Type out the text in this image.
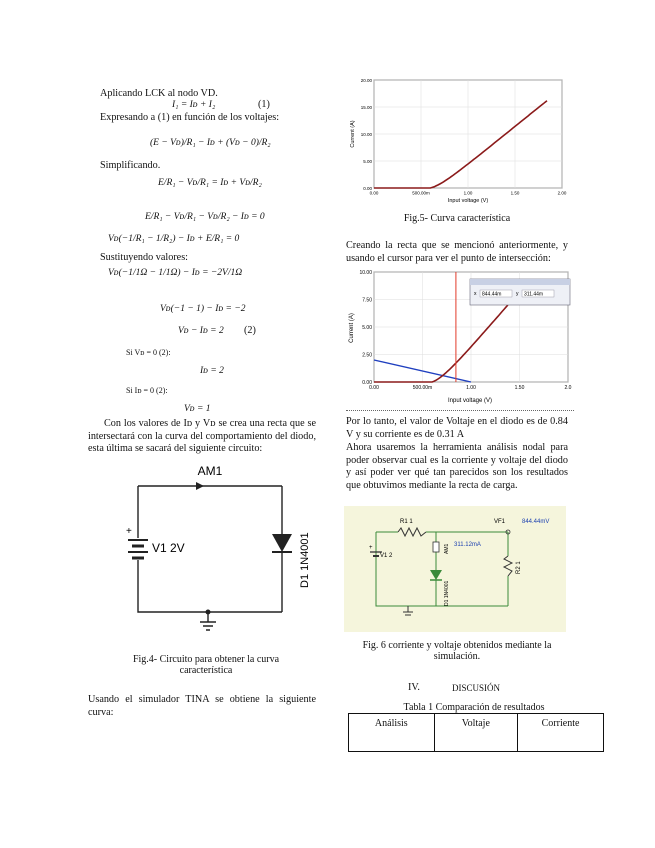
Aplicando LCK al nodo VD.
I₁ = Iᴅ + I₂	(1)
Expresando a (1) en función de los voltajes:
(E − Vᴅ)/R₁ − Iᴅ + (Vᴅ − 0)/R₂
Simplificando.
E/R₁ − Vᴅ/R₁ = Iᴅ + Vᴅ/R₂
E/R₁ − Vᴅ/R₁ − Vᴅ/R₂ − Iᴅ = 0
Vᴅ(−1/R₁ − 1/R₂) − Iᴅ + E/R₁ = 0
Sustituyendo valores:
Vᴅ(−1/1Ω − 1/1Ω) − Iᴅ = −2V/1Ω
Vᴅ(−1 − 1) − Iᴅ = −2
Vᴅ − Iᴅ = 2 (2)
Si Vᴅ = 0 (2):
Iᴅ = 2
Si Iᴅ = 0 (2):
Vᴅ = 1
Con los valores de Iᴅ y Vᴅ se crea una recta que se intersectará con la curva del comportamiento del diodo, esta última se sacará del siguiente circuito:
AM1
+
V1 2V	D1 1N4001
Fig.4- Circuito para obtener la curva característica
Usando el simulador TINA se obtiene la siguiente curva:
0.00	500.00m	1.00	1.50	2.00
0.00
5.00
10.00
15.00
20.00
Current (A)
Input voltage (V)
Fig.5- Curva característica
Creando la recta que se mencionó anteriormente, y usando el cursor para ver el punto de intersección:
0.00	500.00m	1.00	1.50	2.0
0.00
2.50
5.00
7.50
10.00
x 844.44m	y 311.44m
Current (A)
Input voltage (V)
Por lo tanto, el valor de Voltaje en el diodo es de 0.84 V y su corriente es de 0.31 A
Ahora usaremos la herramienta análisis nodal para poder observar cual es la corriente y voltaje del diodo y así poder ver qué tan parecidos son los resultados que obtuvimos mediante la recta de carga.
R1 1
R2 1
+
V1 2
AM1 311.12mA
D1 1N4001
VF1	844.44mV
Fig. 6 corriente y voltaje obtenidos mediante la simulación.
IV.	DISCUSIÓN
Tabla 1 Comparación de resultados
Análisis	Voltaje	Corriente
